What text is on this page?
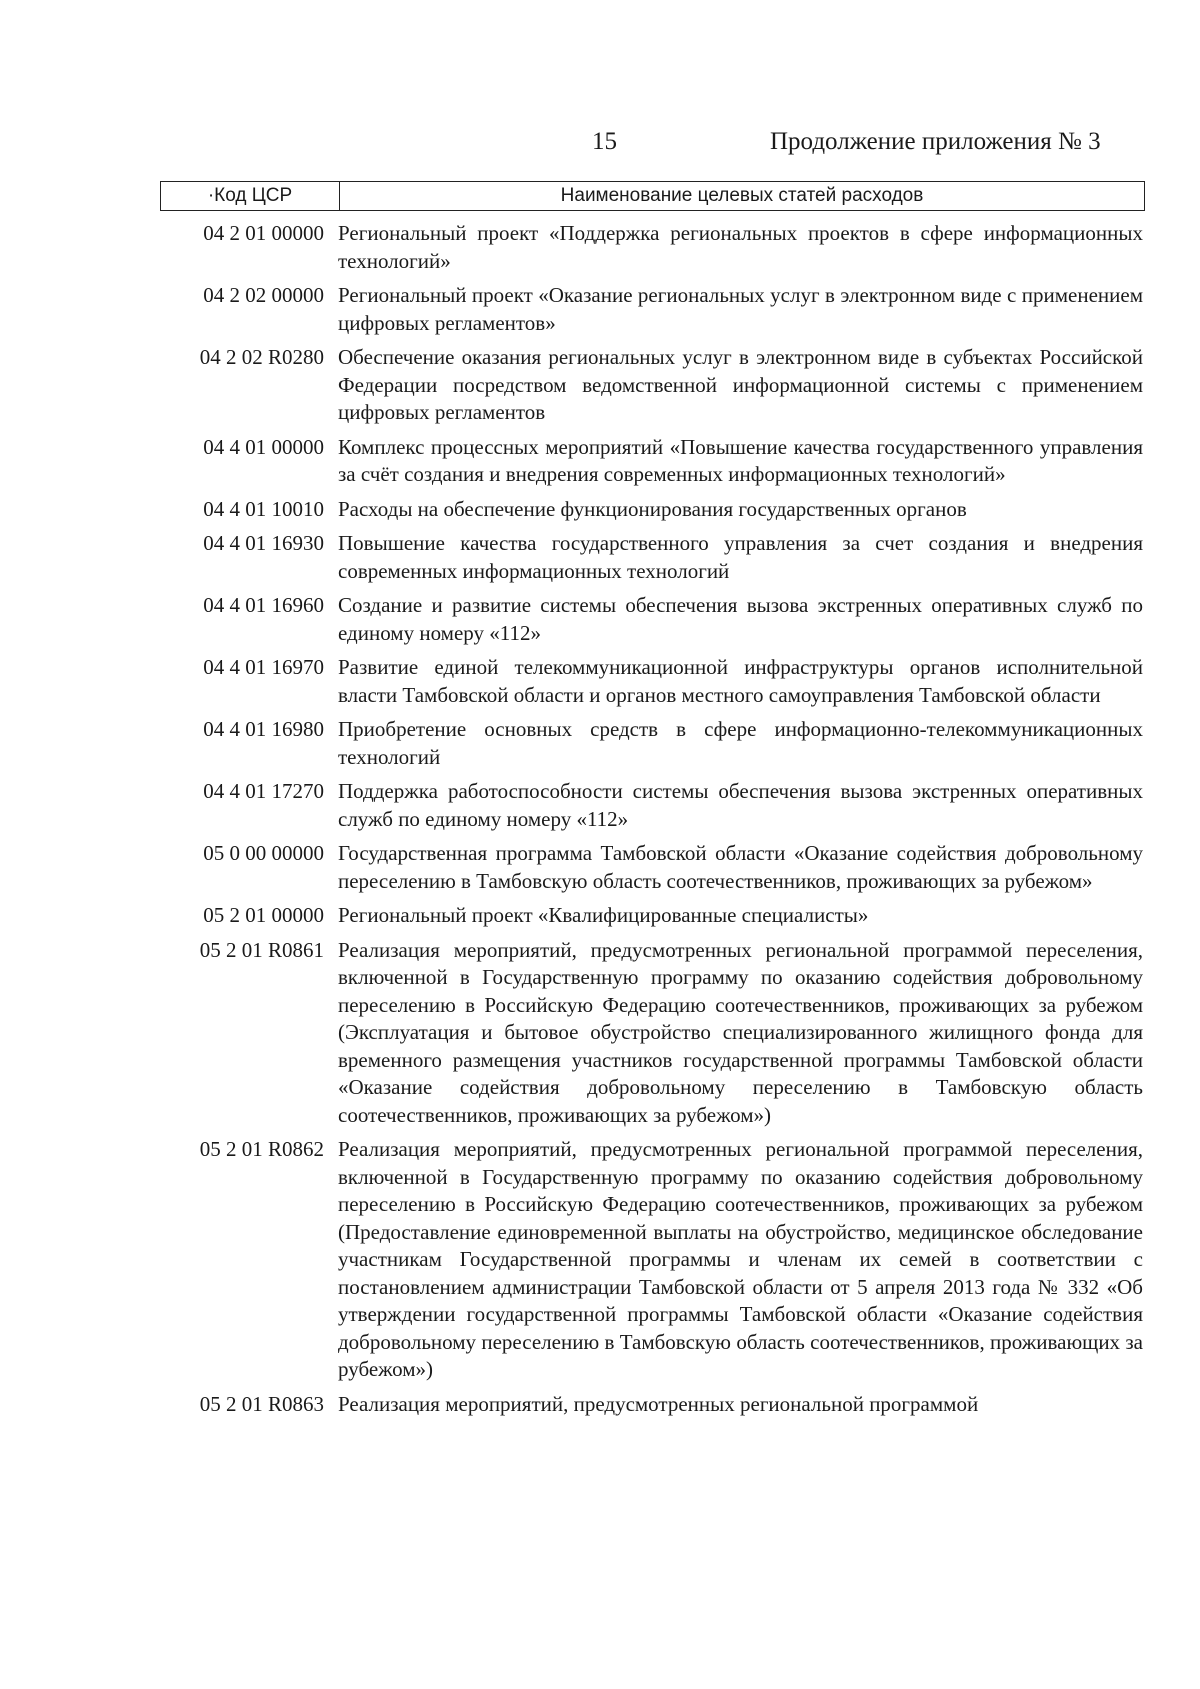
15	Продолжение приложения № 3
·Код ЦСР	Наименование целевых статей расходов
04 2 01 00000 Региональный проект «Поддержка региональных проектов в сфере информационных технологий»
04 2 02 00000 Региональный проект «Оказание региональных услуг в электронном виде с применением цифровых регламентов»
04 2 02 R0280 Обеспечение оказания региональных услуг в электронном виде в субъектах Российской Федерации посредством ведомственной информационной системы с применением цифровых регламентов
04 4 01 00000 Комплекс процессных мероприятий «Повышение качества государственного управления за счёт создания и внедрения современных информационных технологий»
04 4 01 10010 Расходы на обеспечение функционирования государственных органов
04 4 01 16930 Повышение качества государственного управления за счет создания и внедрения современных информационных технологий
04 4 01 16960 Создание и развитие системы обеспечения вызова экстренных оперативных служб по единому номеру «112»
04 4 01 16970 Развитие единой телекоммуникационной инфраструктуры органов исполнительной власти Тамбовской области и органов местного самоуправления Тамбовской области
04 4 01 16980 Приобретение основных средств в сфере информационно-телекоммуникационных технологий
04 4 01 17270 Поддержка работоспособности системы обеспечения вызова экстренных оперативных служб по единому номеру «112»
05 0 00 00000 Государственная программа Тамбовской области «Оказание содействия добровольному переселению в Тамбовскую область соотечественников, проживающих за рубежом»
05 2 01 00000 Региональный проект «Квалифицированные специалисты»
05 2 01 R0861 Реализация мероприятий, предусмотренных региональной программой переселения, включенной в Государственную программу по оказанию содействия добровольному переселению в Российскую Федерацию соотечественников, проживающих за рубежом (Эксплуатация и бытовое обустройство специализированного жилищного фонда для временного размещения участников государственной программы Тамбовской области «Оказание содействия добровольному переселению в Тамбовскую область соотечественников, проживающих за рубежом»)
05 2 01 R0862 Реализация мероприятий, предусмотренных региональной программой переселения, включенной в Государственную программу по оказанию содействия добровольному переселению в Российскую Федерацию соотечественников, проживающих за рубежом (Предоставление единовременной выплаты на обустройство, медицинское обследование участникам Государственной программы и членам их семей в соответствии с постановлением администрации Тамбовской области от 5 апреля 2013 года № 332 «Об утверждении государственной программы Тамбовской области «Оказание содействия добровольному переселению в Тамбовскую область соотечественников, проживающих за рубежом»)
05 2 01 R0863 Реализация мероприятий, предусмотренных региональной программой
